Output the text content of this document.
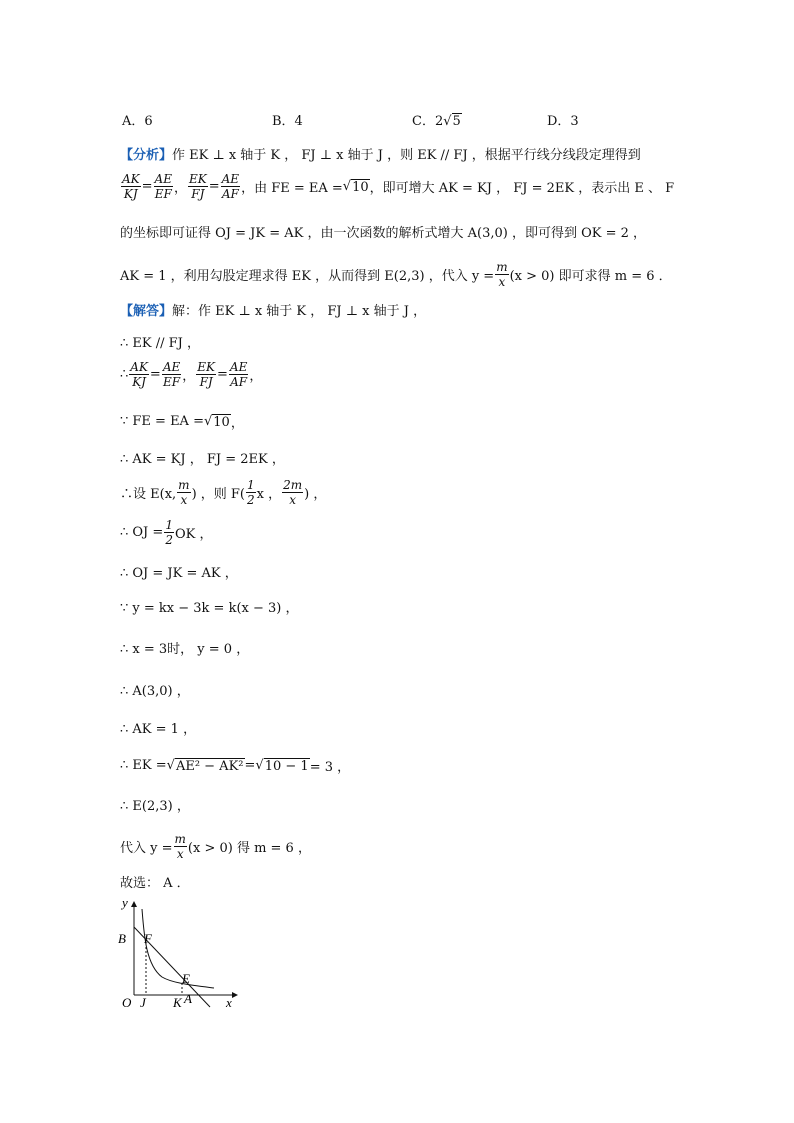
A．6	B．4	C．2√5	D．3
【分析】 作 EK ⊥ x 轴于 K ， FJ ⊥ x 轴于 J ，则 EK // FJ ，根据平行线分线段定理得到
$\frac{AK}{KJ} = \frac{AE}{EF}$ ， $\frac{EK}{FJ} = \frac{AE}{AF}$ ，由 FE = EA = √ 10 ，即可增大 AK = KJ ， FJ = 2EK ，表示出 E 、 F
的坐标即可证得 OJ = JK = AK ，由一次函数的解析式增大 A(3,0) ，即可得到 OK = 2 ，
AK = 1 ，利用勾股定理求得 EK ，从而得到 E(2,3) ，代入 $y = \frac{m}{x} (x > 0)$ 即可求得 m = 6 ．
【解答】 解：作 EK ⊥ x 轴于 K ， FJ ⊥ x 轴于 J ，
∴ EK // FJ ，
∴ $\frac{AK}{KJ} = \frac{AE}{EF}$ ， $\frac{EK}{FJ} = \frac{AE}{AF}$ ，
∵ FE = EA = √ 10 ，
∴ AK = KJ ， FJ = 2EK ，
∴设 E(x, $\frac{m}{x}$ ) ，则 $F( \frac{1}{2}$ x ， $\frac{2m}{x}$ ) ，
∴ OJ = $\frac{1}{2}$ OK ，
∴ OJ = JK = AK ，
∵ y = kx − 3k = k(x − 3) ，
∴ x = 3时， y = 0 ，
∴ A(3,0) ，
∴ AK = 1 ，
∴ EK = √ AE² − AK² = √ 10 − 1 = 3 ，
∴ E(2,3) ，
代入 $y = \frac{m}{x} (x > 0)$ 得 m = 6 ，
故选： A ．
y
x
O
B F
J
E
K A
